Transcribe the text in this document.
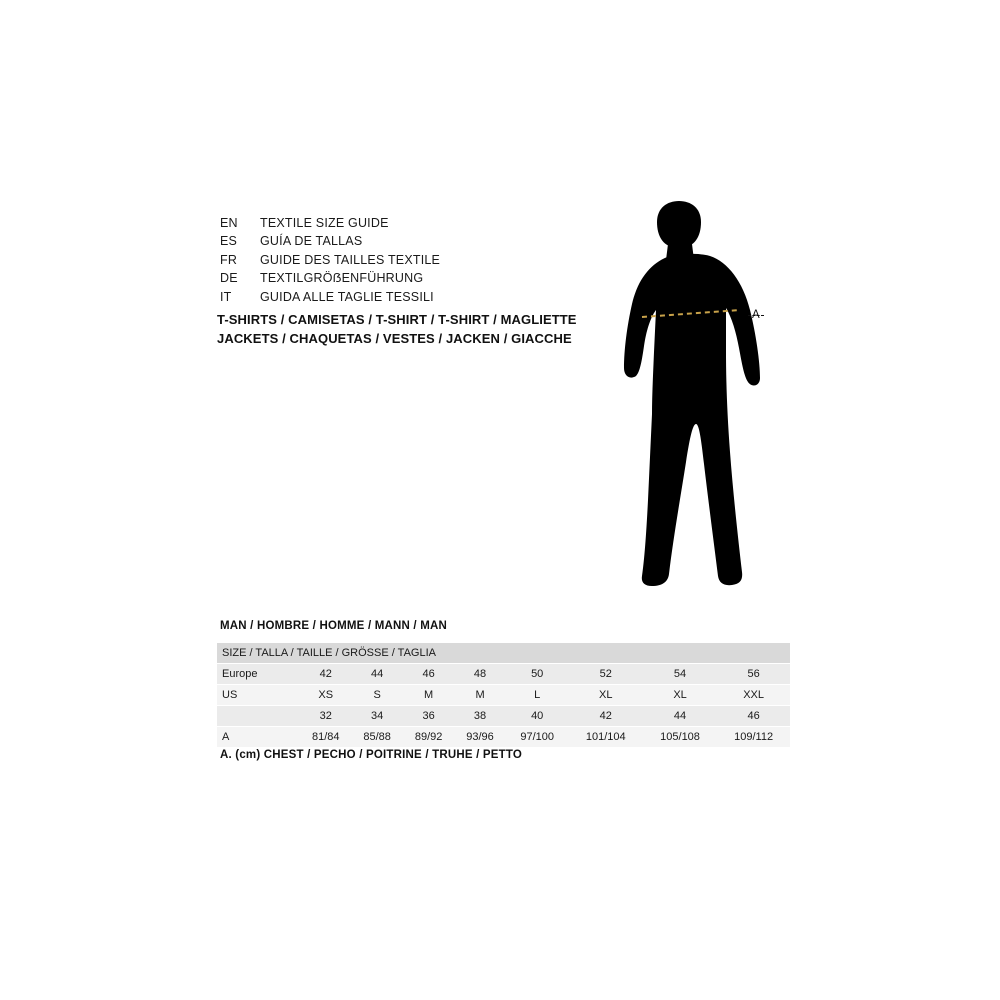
EN	TEXTILE SIZE GUIDE
ES	GUÍA DE TALLAS
FR	GUIDE DES TAILLES TEXTILE
DE	TEXTILGRÖẞENFÜHRUNG
IT	GUIDA ALLE TAGLIE TESSILI
T-SHIRTS / CAMISETAS / T-SHIRT / T-SHIRT / MAGLIETTE
JACKETS / CHAQUETAS / VESTES / JACKEN / GIACCHE
A
MAN / HOMBRE / HOMME / MANN / MAN
SIZE / TALLA / TAILLE / GRÖSSE / TAGLIA								
Europe	42	44	46	48	50	52	54	56
US	XS	S	M	M	L	XL	XL	XXL
	32	34	36	38	40	42	44	46
A	81/84	85/88	89/92	93/96	97/100	101/104	105/108	109/112
A. (cm) CHEST / PECHO / POITRINE / TRUHE / PETTO
